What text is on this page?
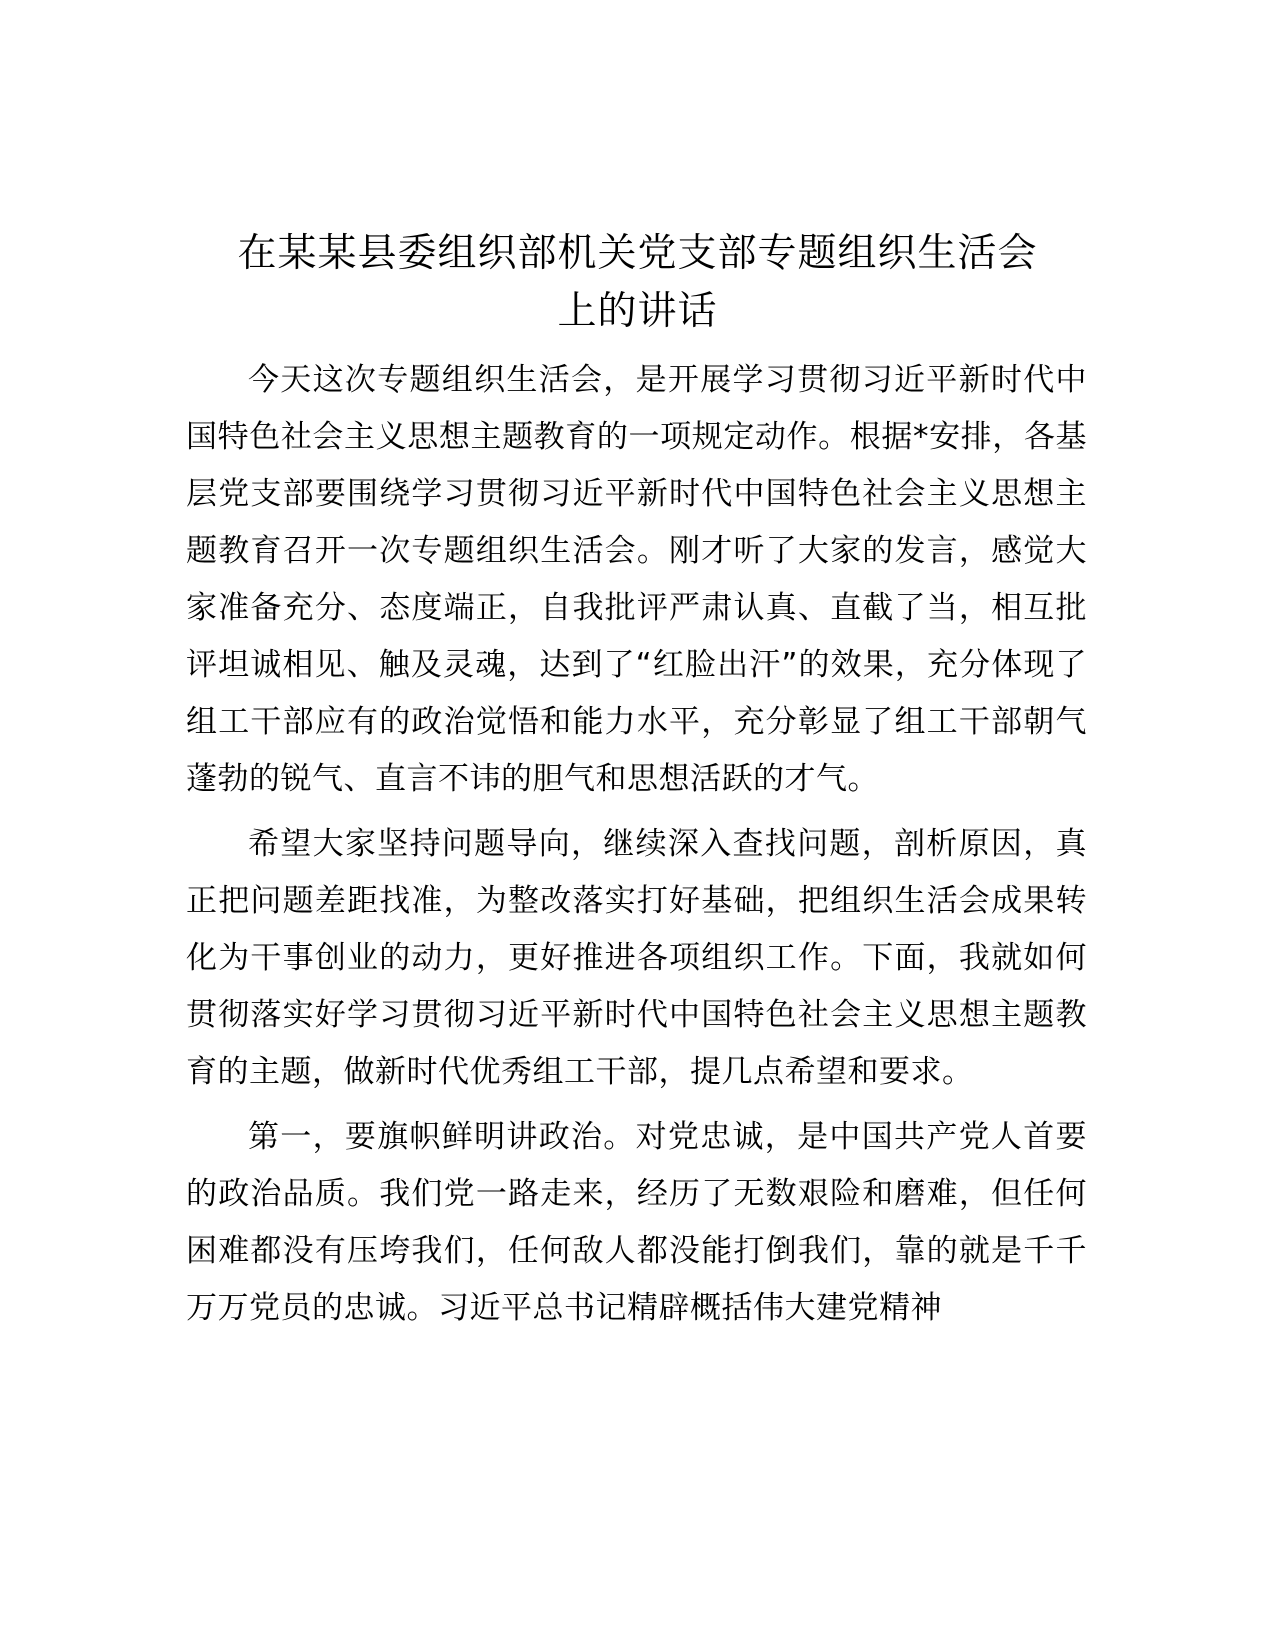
在某某县委组织部机关党支部专题组织生活会
上的讲话

今天这次专题组织生活会，是开展学习贯彻习近平新时代中国特色社会主义思想主题教育的一项规定动作。根据*安排，各基层党支部要围绕学习贯彻习近平新时代中国特色社会主义思想主题教育召开一次专题组织生活会。刚才听了大家的发言，感觉大家准备充分、态度端正，自我批评严肃认真、直截了当，相互批评坦诚相见、触及灵魂，达到了“红脸出汗”的效果，充分体现了组工干部应有的政治觉悟和能力水平，充分彰显了组工干部朝气蓬勃的锐气、直言不讳的胆气和思想活跃的才气。

希望大家坚持问题导向，继续深入查找问题，剖析原因，真正把问题差距找准，为整改落实打好基础，把组织生活会成果转化为干事创业的动力，更好推进各项组织工作。下面，我就如何贯彻落实好学习贯彻习近平新时代中国特色社会主义思想主题教育的主题，做新时代优秀组工干部，提几点希望和要求。

第一，要旗帜鲜明讲政治。对党忠诚，是中国共产党人首要的政治品质。我们党一路走来，经历了无数艰险和磨难，但任何困难都没有压垮我们，任何敌人都没能打倒我们，靠的就是千千万万党员的忠诚。习近平总书记精辟概括伟大建党精神
